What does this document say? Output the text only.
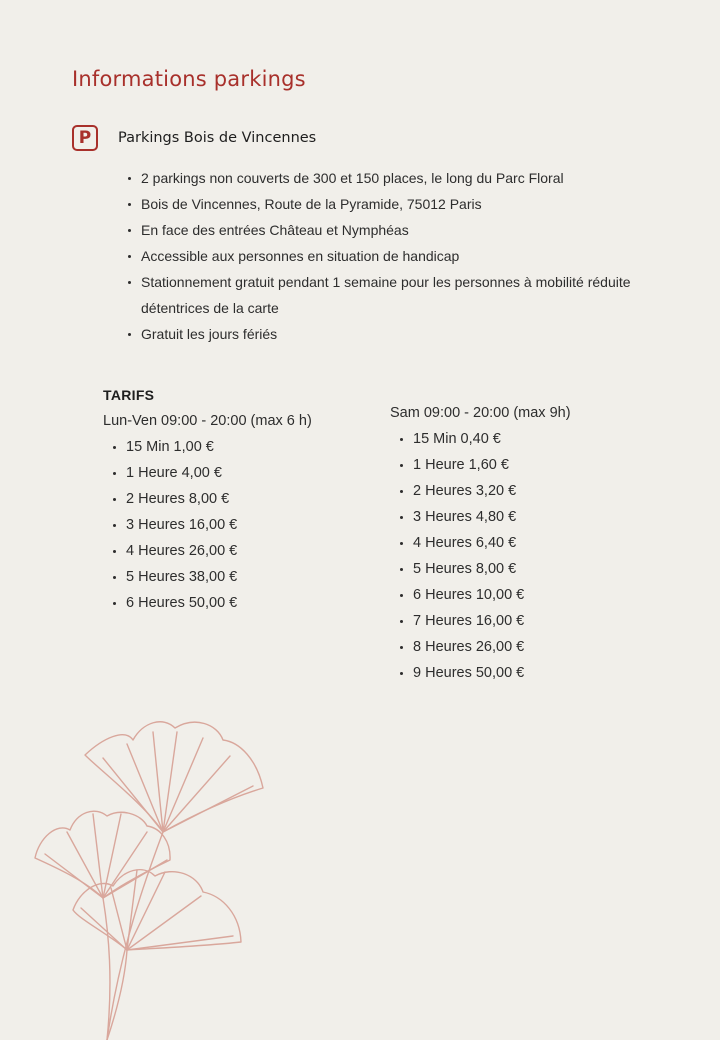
Informations parkings
P	Parkings Bois de Vincennes
2 parkings non couverts de 300 et 150 places, le long du Parc Floral
Bois de Vincennes, Route de la Pyramide, 75012 Paris
En face des entrées Château et Nymphéas
Accessible aux personnes en situation de handicap
Stationnement gratuit pendant 1 semaine pour les personnes à mobilité réduite détentrices de la carte
Gratuit les jours fériés
TARIFS
Lun-Ven 09:00 - 20:00 (max 6 h)
15 Min 1,00 €
1 Heure 4,00 €
2 Heures 8,00 €
3 Heures 16,00 €
4 Heures 26,00 €
5 Heures 38,00 €
6 Heures 50,00 €
Sam 09:00 - 20:00 (max 9h)
15 Min 0,40 €
1 Heure 1,60 €
2 Heures 3,20 €
3 Heures 4,80 €
4 Heures 6,40 €
5 Heures 8,00 €
6 Heures 10,00 €
7 Heures 16,00 €
8 Heures 26,00 €
9 Heures 50,00 €
